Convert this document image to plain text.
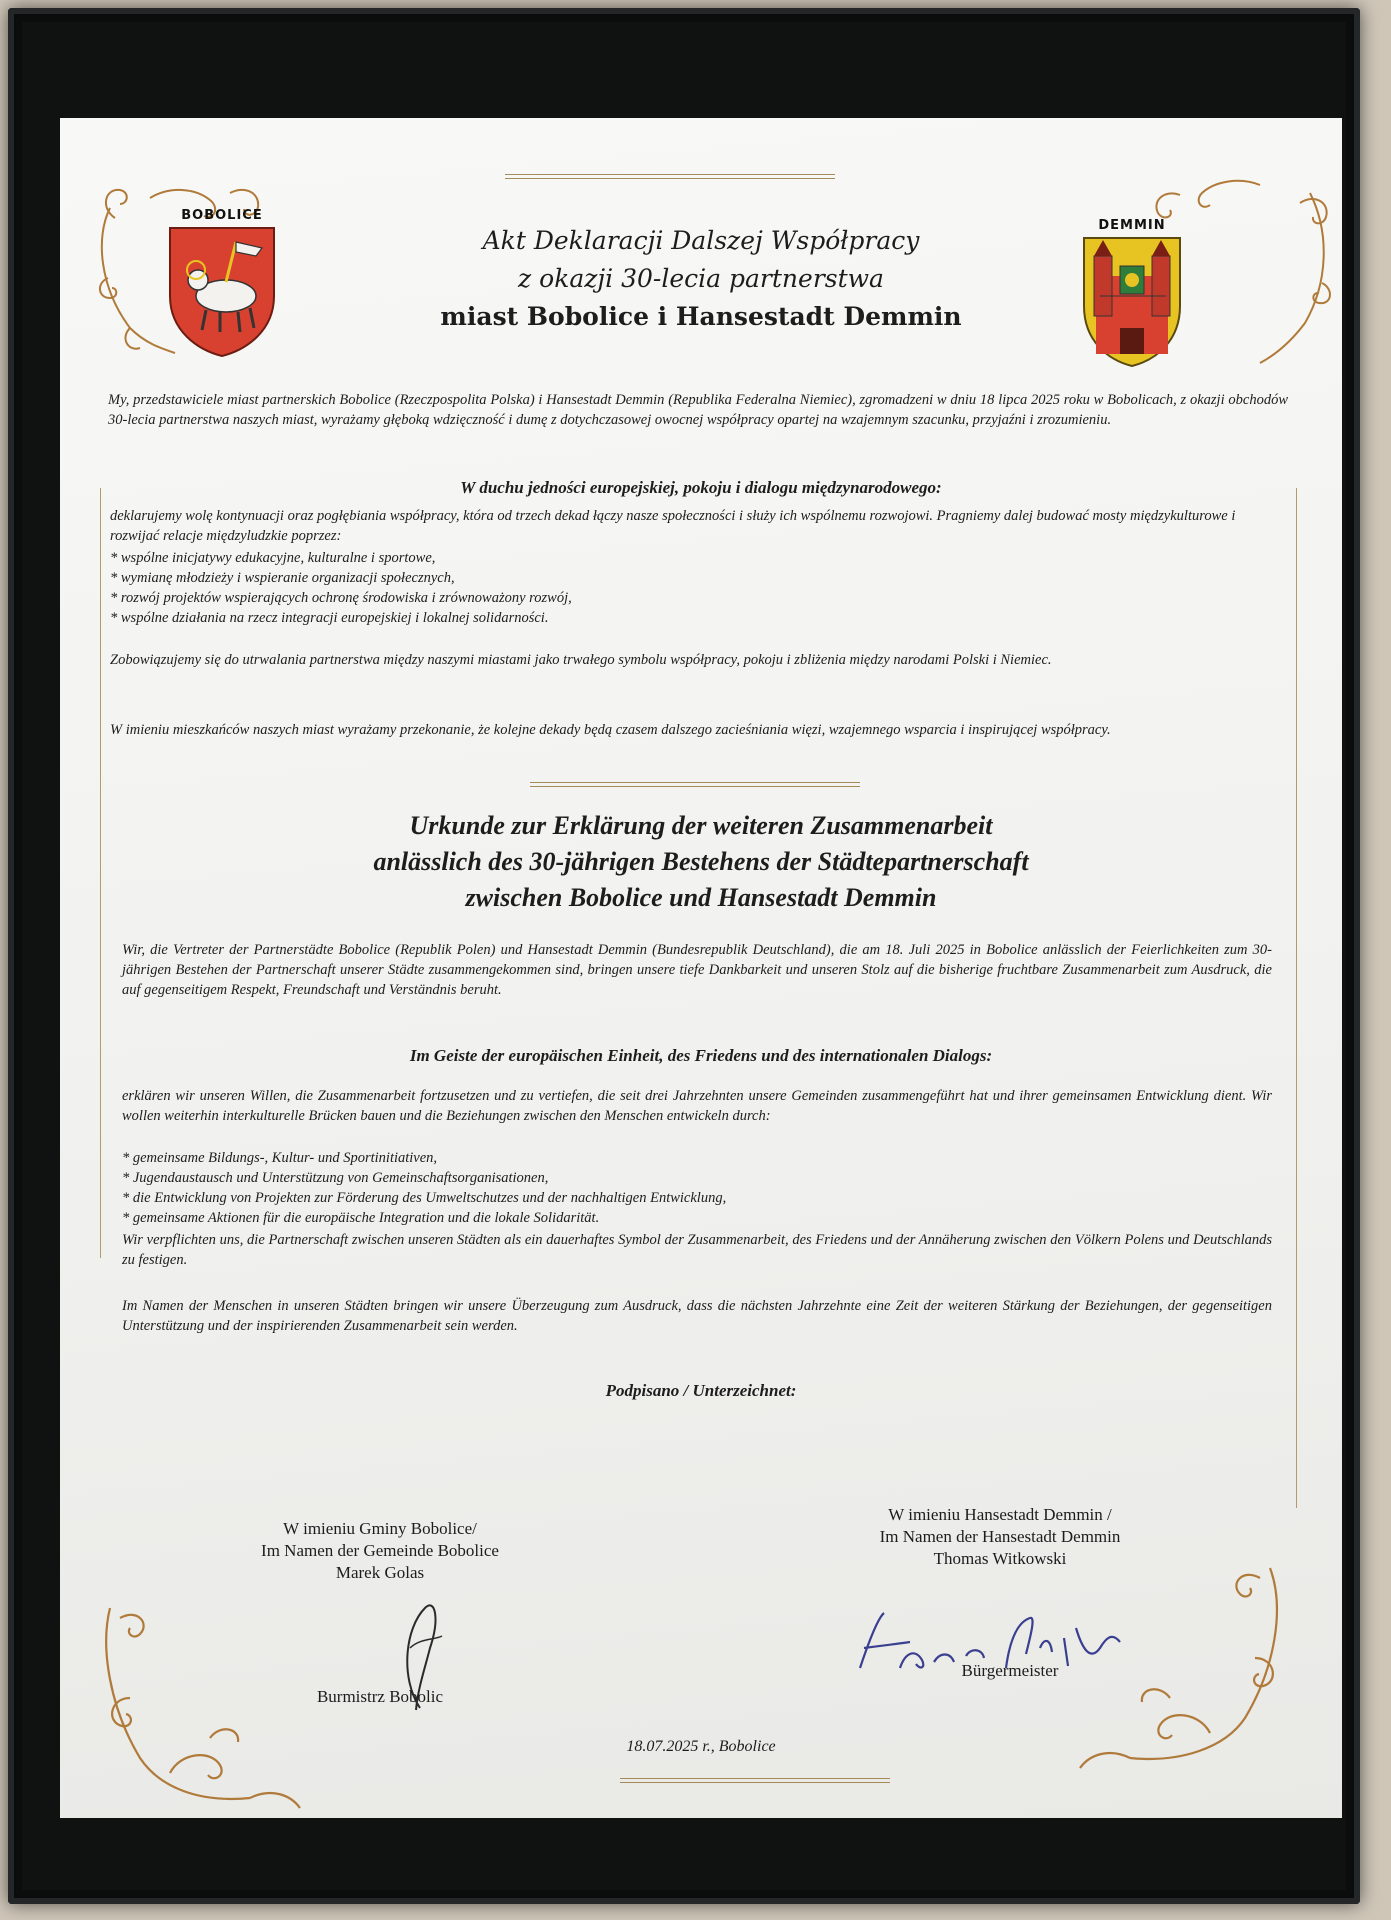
BOBOLICE
DEMMIN
Akt Deklaracji Dalszej Współpracy
z okazji 30-lecia partnerstwa
miast Bobolice i Hansestadt Demmin
My, przedstawiciele miast partnerskich Bobolice (Rzeczpospolita Polska) i Hansestadt Demmin (Republika Federalna Niemiec), zgromadzeni w dniu 18 lipca 2025 roku w Bobolicach, z okazji obchodów 30-lecia partnerstwa naszych miast, wyrażamy głęboką wdzięczność i dumę z dotychczasowej owocnej współpracy opartej na wzajemnym szacunku, przyjaźni i zrozumieniu.
W duchu jedności europejskiej, pokoju i dialogu międzynarodowego:
deklarujemy wolę kontynuacji oraz pogłębiania współpracy, która od trzech dekad łączy nasze społeczności i służy ich wspólnemu rozwojowi. Pragniemy dalej budować mosty międzykulturowe i rozwijać relacje międzyludzkie poprzez:
* wspólne inicjatywy edukacyjne, kulturalne i sportowe,
* wymianę młodzieży i wspieranie organizacji społecznych,
* rozwój projektów wspierających ochronę środowiska i zrównoważony rozwój,
* wspólne działania na rzecz integracji europejskiej i lokalnej solidarności.
Zobowiązujemy się do utrwalania partnerstwa między naszymi miastami jako trwałego symbolu współpracy, pokoju i zbliżenia między narodami Polski i Niemiec.
W imieniu mieszkańców naszych miast wyrażamy przekonanie, że kolejne dekady będą czasem dalszego zacieśniania więzi, wzajemnego wsparcia i inspirującej współpracy.
Urkunde zur Erklärung der weiteren Zusammenarbeit
anlässlich des 30-jährigen Bestehens der Städtepartnerschaft
zwischen Bobolice und Hansestadt Demmin
Wir, die Vertreter der Partnerstädte Bobolice (Republik Polen) und Hansestadt Demmin (Bundesrepublik Deutschland), die am 18. Juli 2025 in Bobolice anlässlich der Feierlichkeiten zum 30-jährigen Bestehen der Partnerschaft unserer Städte zusammengekommen sind, bringen unsere tiefe Dankbarkeit und unseren Stolz auf die bisherige fruchtbare Zusammenarbeit zum Ausdruck, die auf gegenseitigem Respekt, Freundschaft und Verständnis beruht.
Im Geiste der europäischen Einheit, des Friedens und des internationalen Dialogs:
erklären wir unseren Willen, die Zusammenarbeit fortzusetzen und zu vertiefen, die seit drei Jahrzehnten unsere Gemeinden zusammengeführt hat und ihrer gemeinsamen Entwicklung dient. Wir wollen weiterhin interkulturelle Brücken bauen und die Beziehungen zwischen den Menschen entwickeln durch:
* gemeinsame Bildungs-, Kultur- und Sportinitiativen,
* Jugendaustausch und Unterstützung von Gemeinschaftsorganisationen,
* die Entwicklung von Projekten zur Förderung des Umweltschutzes und der nachhaltigen Entwicklung,
* gemeinsame Aktionen für die europäische Integration und die lokale Solidarität.
Wir verpflichten uns, die Partnerschaft zwischen unseren Städten als ein dauerhaftes Symbol der Zusammenarbeit, des Friedens und der Annäherung zwischen den Völkern Polens und Deutschlands zu festigen.
Im Namen der Menschen in unseren Städten bringen wir unsere Überzeugung zum Ausdruck, dass die nächsten Jahrzehnte eine Zeit der weiteren Stärkung der Beziehungen, der gegenseitigen Unterstützung und der inspirierenden Zusammenarbeit sein werden.
Podpisano / Unterzeichnet:
W imieniu Gminy Bobolice/
Im Namen der Gemeinde Bobolice
Marek Golas
Burmistrz Bobolic
W imieniu Hansestadt Demmin /
Im Namen der Hansestadt Demmin
Thomas Witkowski
Bürgermeister
18.07.2025 r., Bobolice
